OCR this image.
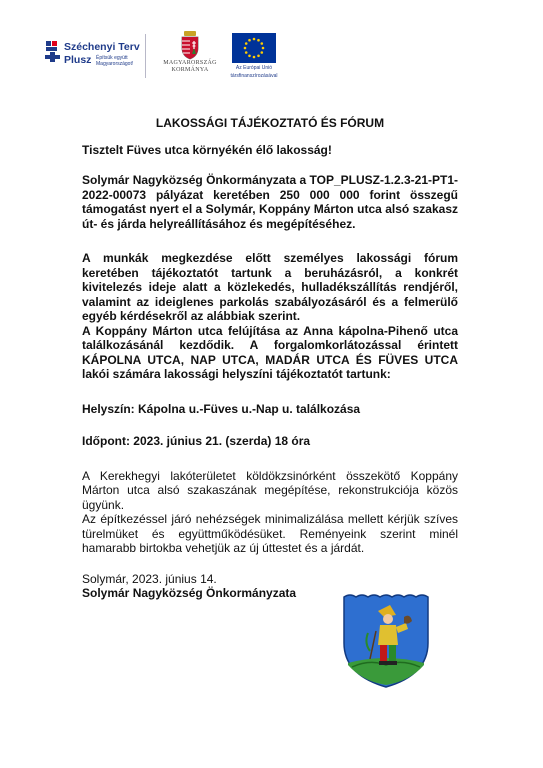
Széchenyi Terv
Plusz Építsük együtt Magyarországot!	MAGYARORSZÁG
KORMÁNYA	Az Európai Unió
társfinanszírozásával

LAKOSSÁGI TÁJÉKOZTATÓ ÉS FÓRUM

Tisztelt Füves utca környékén élő lakosság!

Solymár Nagyközség Önkormányzata a TOP_PLUSZ-1.2.3-21-PT1-2022-00073 pályázat keretében 250 000 000 forint összegű támogatást nyert el a Solymár, Koppány Márton utca alsó szakasz út- és járda helyreállításához és megépítéséhez.

A munkák megkezdése előtt személyes lakossági fórum keretében tájékoztatót tartunk a beruházásról, a konkrét kivitelezés ideje alatt a közlekedés, hulladékszállítás rendjéről, valamint az ideiglenes parkolás szabályozásáról és a felmerülő egyéb kérdésekről az alábbiak szerint.

A Koppány Márton utca felújítása az Anna kápolna-Pihenő utca találkozásánál kezdődik. A forgalomkorlátozással érintett KÁPOLNA UTCA, NAP UTCA, MADÁR UTCA ÉS FÜVES UTCA lakói számára lakossági helyszíni tájékoztatót tartunk:

Helyszín: Kápolna u.-Füves u.-Nap u. találkozása

Időpont: 2023. június 21. (szerda) 18 óra

A Kerekhegyi lakóterületet köldökzsinórként összekötő Koppány Márton utca alsó szakaszának megépítése, rekonstrukciója közös ügyünk.

Az építkezéssel járó nehézségek minimalizálása mellett kérjük szíves türelmüket és együttműködésüket. Reményeink szerint minél hamarabb birtokba vehetjük az új úttestet és a járdát.

Solymár, 2023. június 14.

Solymár Nagyközség Önkormányzata
